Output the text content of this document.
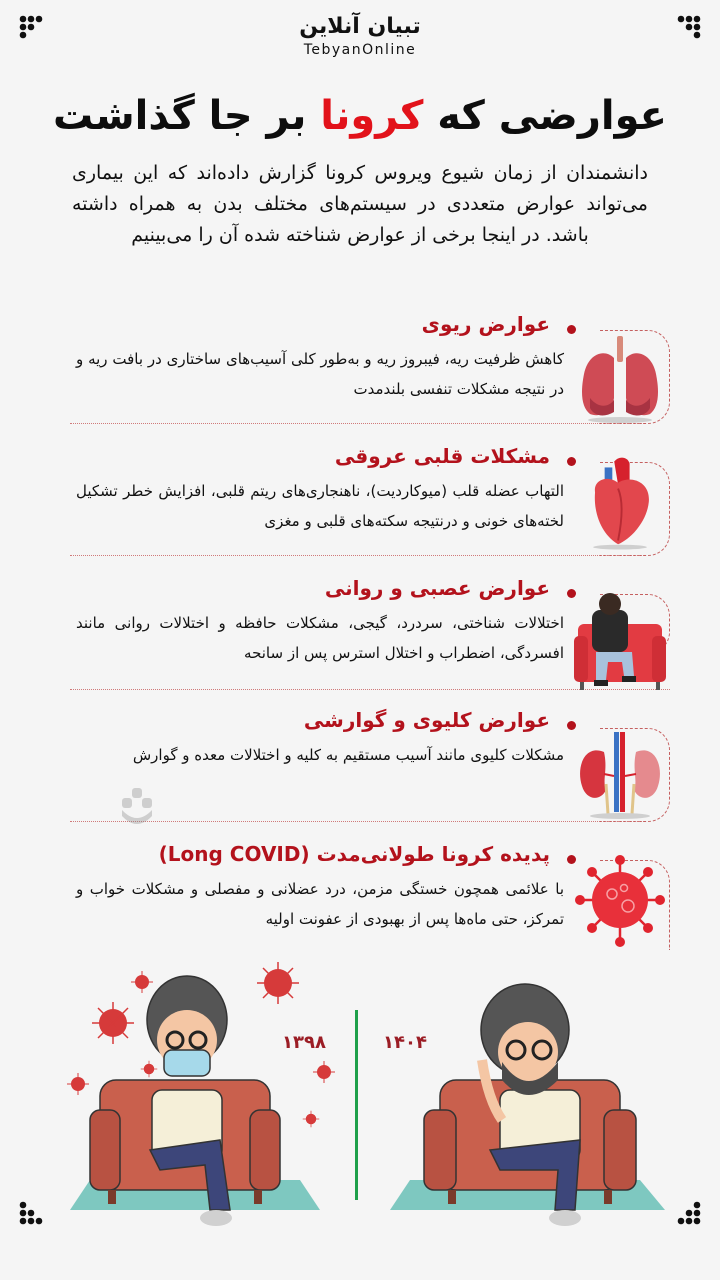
تبیان آنلاین
TebyanOnline
عوارضی که کرونا بر جا گذاشت

دانشمندان از زمان شیوع ویروس کرونا گزارش داده‌اند که این بیماری می‌تواند عوارض متعددی در سیستم‌های مختلف بدن به همراه داشته باشد. در اینجا برخی از عوارض شناخته شده آن را می‌بینیم

عوارض ریوی

کاهش ظرفیت ریه، فیبروز ریه و به‌طور کلی آسیب‌های ساختاری در بافت ریه و در نتیجه مشکلات تنفسی بلندمدت

مشکلات قلبی عروقی

التهاب عضله قلب (میوکاردیت)، ناهنجاری‌های ریتم قلبی، افزایش خطر تشکیل لخته‌های خونی و درنتیجه سکته‌های قلبی و مغزی

عوارض عصبی و روانی

اختلالات شناختی، سردرد، گیجی، مشکلات حافظه و اختلالات روانی مانند افسردگی، اضطراب و اختلال استرس پس از سانحه

عوارض کلیوی و گوارشی

مشکلات کلیوی مانند آسیب مستقیم به کلیه و اختلالات معده و گوارش

پدیده کرونا طولانی‌مدت (Long COVID)

با علائمی همچون خستگی مزمن، درد عضلانی و مفصلی و مشکلات خواب و تمرکز، حتی ماه‌ها پس از بهبودی از عفونت اولیه

۱۳۹۸	۱۴۰۴
